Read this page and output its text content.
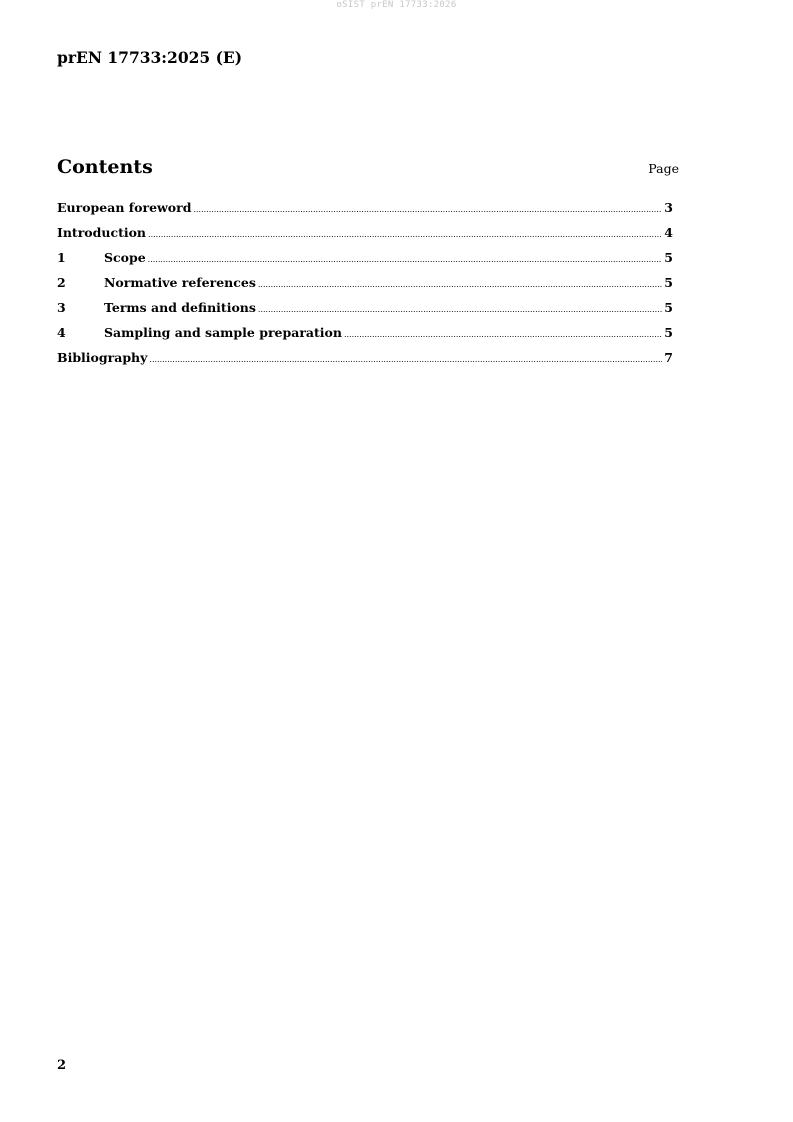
oSIST prEN 17733:2026
prEN 17733:2025 (E)
Contents	Page
European foreword .....	3
Introduction .....	4
1	Scope .....	5
2	Normative references .....	5
3	Terms and definitions .....	5
4	Sampling and sample preparation .....	5
Bibliography .....	7
2
